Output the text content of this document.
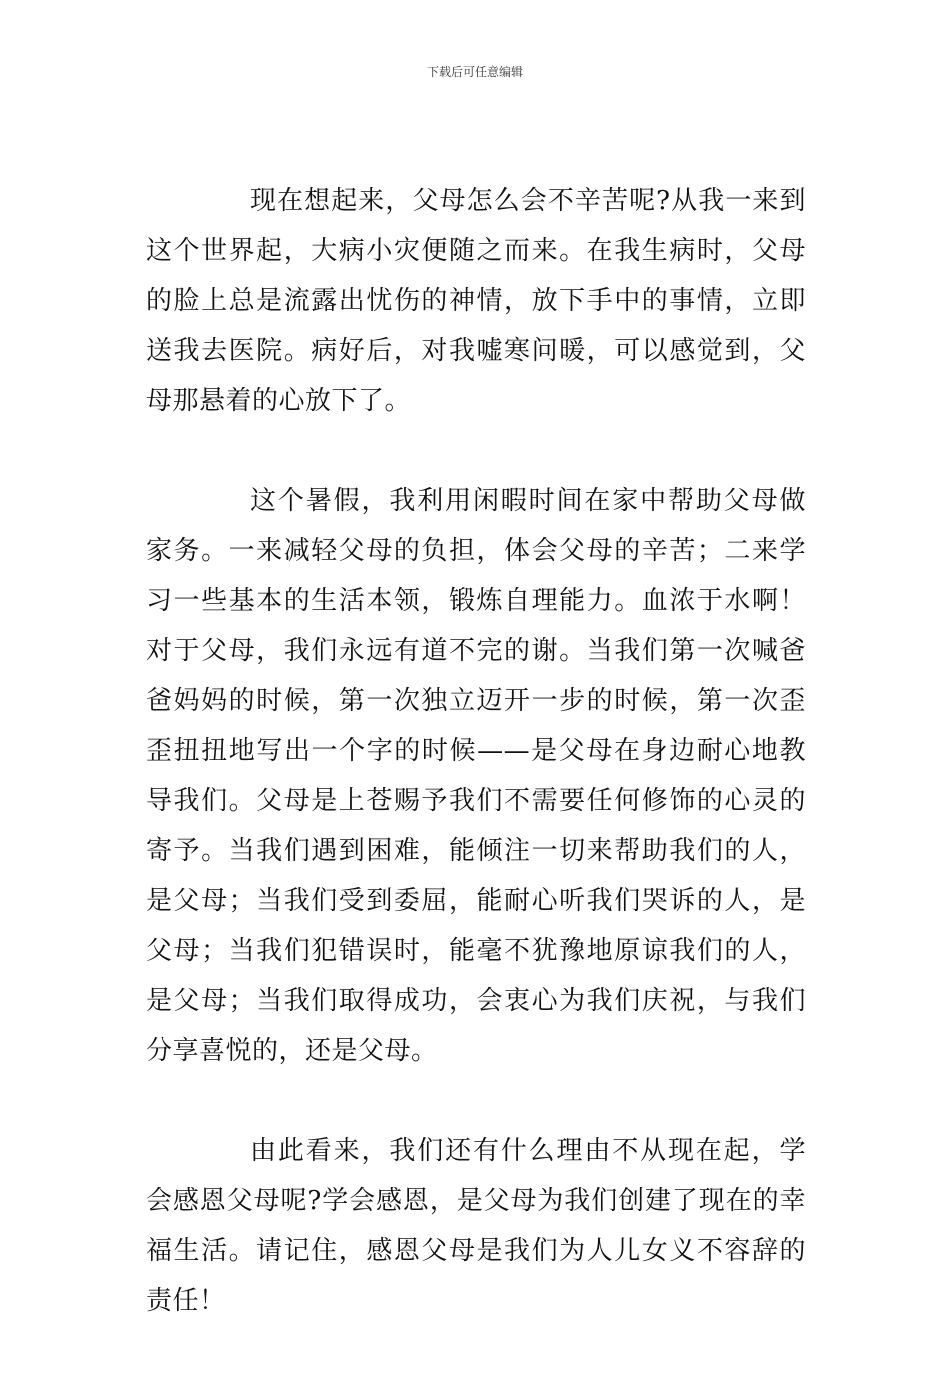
下载后可任意编辑

现在想起来，父母怎么会不辛苦呢?从我一来到这个世界起，大病小灾便随之而来。在我生病时，父母的脸上总是流露出忧伤的神情，放下手中的事情，立即送我去医院。病好后，对我嘘寒问暖，可以感觉到，父母那悬着的心放下了。

这个暑假，我利用闲暇时间在家中帮助父母做家务。一来减轻父母的负担，体会父母的辛苦；二来学习一些基本的生活本领，锻炼自理能力。血浓于水啊！对于父母，我们永远有道不完的谢。当我们第一次喊爸爸妈妈的时候，第一次独立迈开一步的时候，第一次歪歪扭扭地写出一个字的时候——是父母在身边耐心地教导我们。父母是上苍赐予我们不需要任何修饰的心灵的寄予。当我们遇到困难，能倾注一切来帮助我们的人，是父母；当我们受到委屈，能耐心听我们哭诉的人，是父母；当我们犯错误时，能毫不犹豫地原谅我们的人，是父母；当我们取得成功，会衷心为我们庆祝，与我们分享喜悦的，还是父母。

由此看来，我们还有什么理由不从现在起，学会感恩父母呢?学会感恩，是父母为我们创建了现在的幸福生活。请记住，感恩父母是我们为人儿女义不容辞的责任！
